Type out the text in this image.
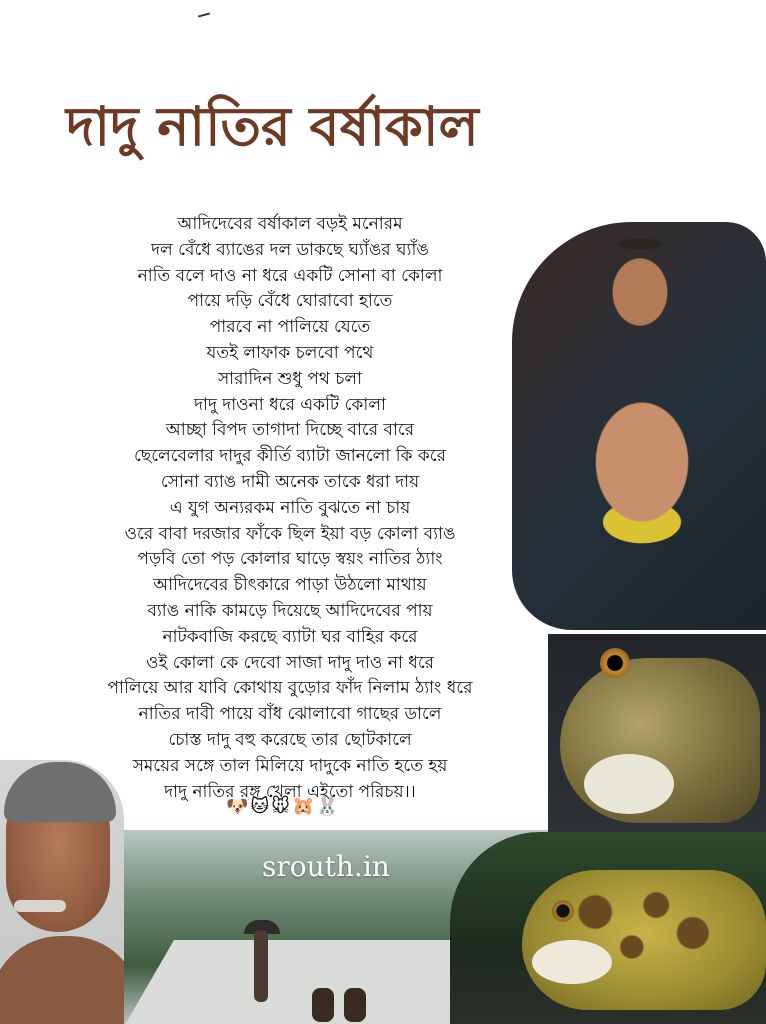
দাদু নাতির বর্ষাকাল
আদিদেবের বর্ষাকাল বড়ই মনোরম
দল বেঁধে ব্যাঙের দল ডাকছে ঘ্যাঁঙর ঘ্যাঁঙ
নাতি বলে দাও না ধরে একটি সোনা বা কোলা
পায়ে দড়ি বেঁধে ঘোরাবো হাতে
পারবে না পালিয়ে যেতে
যতই লাফাক চলবো পথে
সারাদিন শুধু পথ চলা
দাদু দাওনা ধরে একটি কোলা
আচ্ছা বিপদ তাগাদা দিচ্ছে বারে বারে
ছেলেবেলার দাদুর কীর্তি ব্যাটা জানলো কি করে
সোনা ব্যাঙ দামী অনেক তাকে ধরা দায়
এ যুগ অন্যরকম নাতি বুঝতে না চায়
ওরে বাবা দরজার ফাঁকে ছিল ইয়া বড় কোলা ব্যাঙ
পড়বি তো পড় কোলার ঘাড়ে স্বয়ং নাতির ঠ্যাং
আদিদেবের চীৎকারে পাড়া উঠলো মাথায়
ব্যাঙ নাকি কামড়ে দিয়েছে আদিদেবের পায়
নাটকবাজি করছে ব্যাটা ঘর বাহির করে
ওই কোলা কে দেবো সাজা দাদু দাও না ধরে
পালিয়ে আর যাবি কোথায় বুড়োর ফাঁদ নিলাম ঠ্যাং ধরে
নাতির দাবী পায়ে বাঁধ ঝোলাবো গাছের ডালে
চোস্ত দাদু বহু করেছে তার ছোটকালে
সময়ের সঙ্গে তাল মিলিয়ে দাদুকে নাতি হতে হয়
দাদু নাতির রঙ্গ খেলা এইতো পরিচয়।।
🐶🐱🐭🐹🐰
srouth.in
